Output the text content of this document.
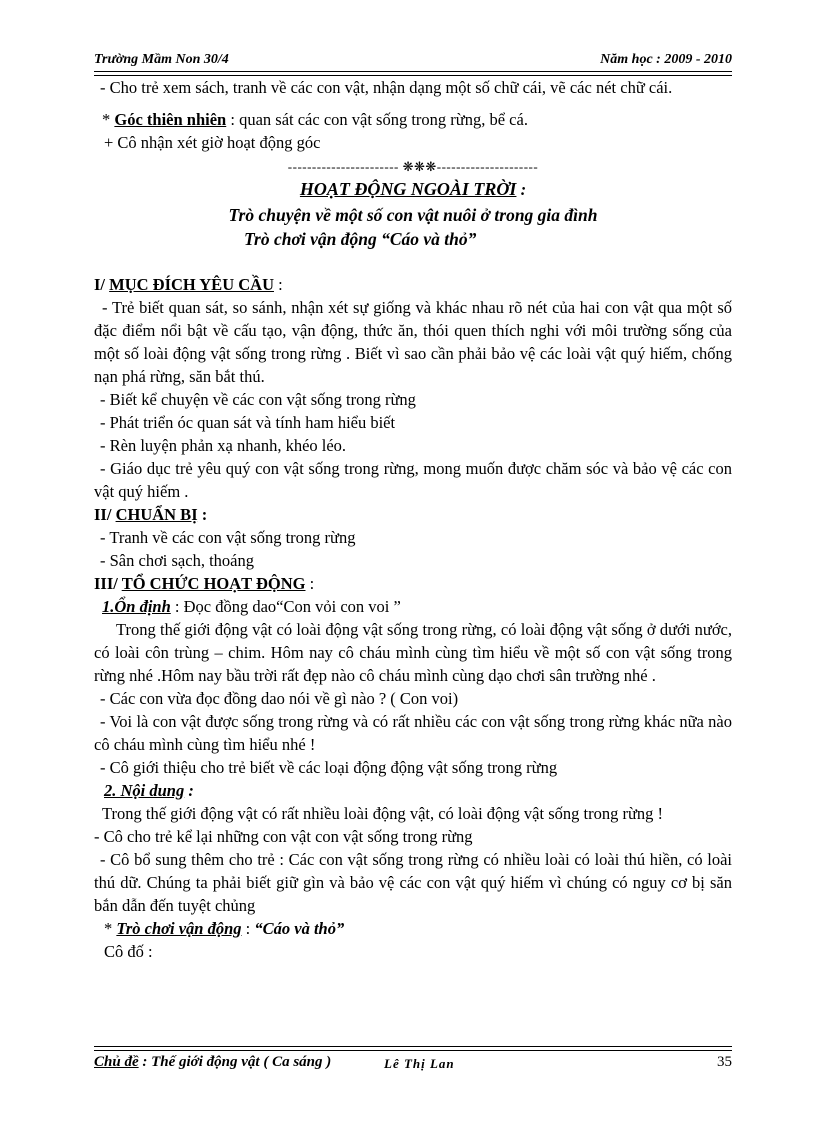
Trường Mầm Non 30/4	Năm học : 2009 - 2010

- Cho trẻ xem sách, tranh về các con vật, nhận dạng một số chữ cái, vẽ các nét chữ cái.

* Góc thiên nhiên : quan sát các con vật sống trong rừng, bể cá.

+ Cô nhận xét giờ hoạt động góc

----------------------- ❋❋❋---------------------

HOẠT ĐỘNG NGOÀI TRỜI :

Trò chuyện về một số con vật nuôi ở trong gia đình

Trò chơi vận động “Cáo và thỏ”

I/ MỤC ĐÍCH YÊU CẦU :

- Trẻ biết quan sát, so sánh, nhận xét sự giống và khác nhau rõ nét của hai con vật qua một số đặc điểm nổi bật về cấu tạo, vận động, thức ăn, thói quen thích nghi với môi trường sống của một số loài động vật sống trong rừng . Biết vì sao cần phải bảo vệ các loài vật quý hiếm, chống nạn phá rừng, săn bắt thú.

- Biết kể chuyện về các con vật sống trong rừng

- Phát triển óc quan sát và tính ham hiểu biết

- Rèn luyện phản xạ nhanh, khéo léo.

- Giáo dục trẻ yêu quý con vật sống trong rừng, mong muốn được chăm sóc và bảo vệ các con vật quý hiếm .

II/ CHUẨN BỊ :

- Tranh về các con vật sống trong rừng

- Sân chơi sạch, thoáng

III/ TỔ CHỨC HOẠT ĐỘNG :

1.Ổn định : Đọc đồng dao“Con vỏi con voi ”

Trong thế giới động vật có loài động vật sống trong rừng, có loài động vật sống ở dưới nước, có loài côn trùng – chim. Hôm nay cô cháu mình cùng tìm hiểu về một số con vật sống trong rừng nhé .Hôm nay bầu trời rất đẹp nào cô cháu mình cùng dạo chơi sân trường nhé .

- Các con vừa đọc đồng dao nói về gì nào ? ( Con voi)

- Voi là con vật được sống trong rừng và có rất nhiều các con vật sống trong rừng khác nữa nào cô cháu mình cùng tìm hiểu nhé !

- Cô giới thiệu cho trẻ biết về các loại động động vật sống trong rừng

2. Nội dung :

Trong thế giới động vật có rất nhiều loài động vật, có loài động vật sống trong rừng !

- Cô cho trẻ kể lại những con vật con vật sống trong rừng

- Cô bổ sung thêm cho trẻ : Các con vật sống trong rừng có nhiều loài có loài thú hiền, có loài thú dữ. Chúng ta phải biết giữ gìn và bảo vệ các con vật quý hiếm vì chúng có nguy cơ bị săn bắn dẫn đến tuyệt chủng

* Trò chơi vận động : “Cáo và thỏ”

Cô đố :

Chủ đề : Thế giới động vật ( Ca sáng )	Lê Thị Lan	35
